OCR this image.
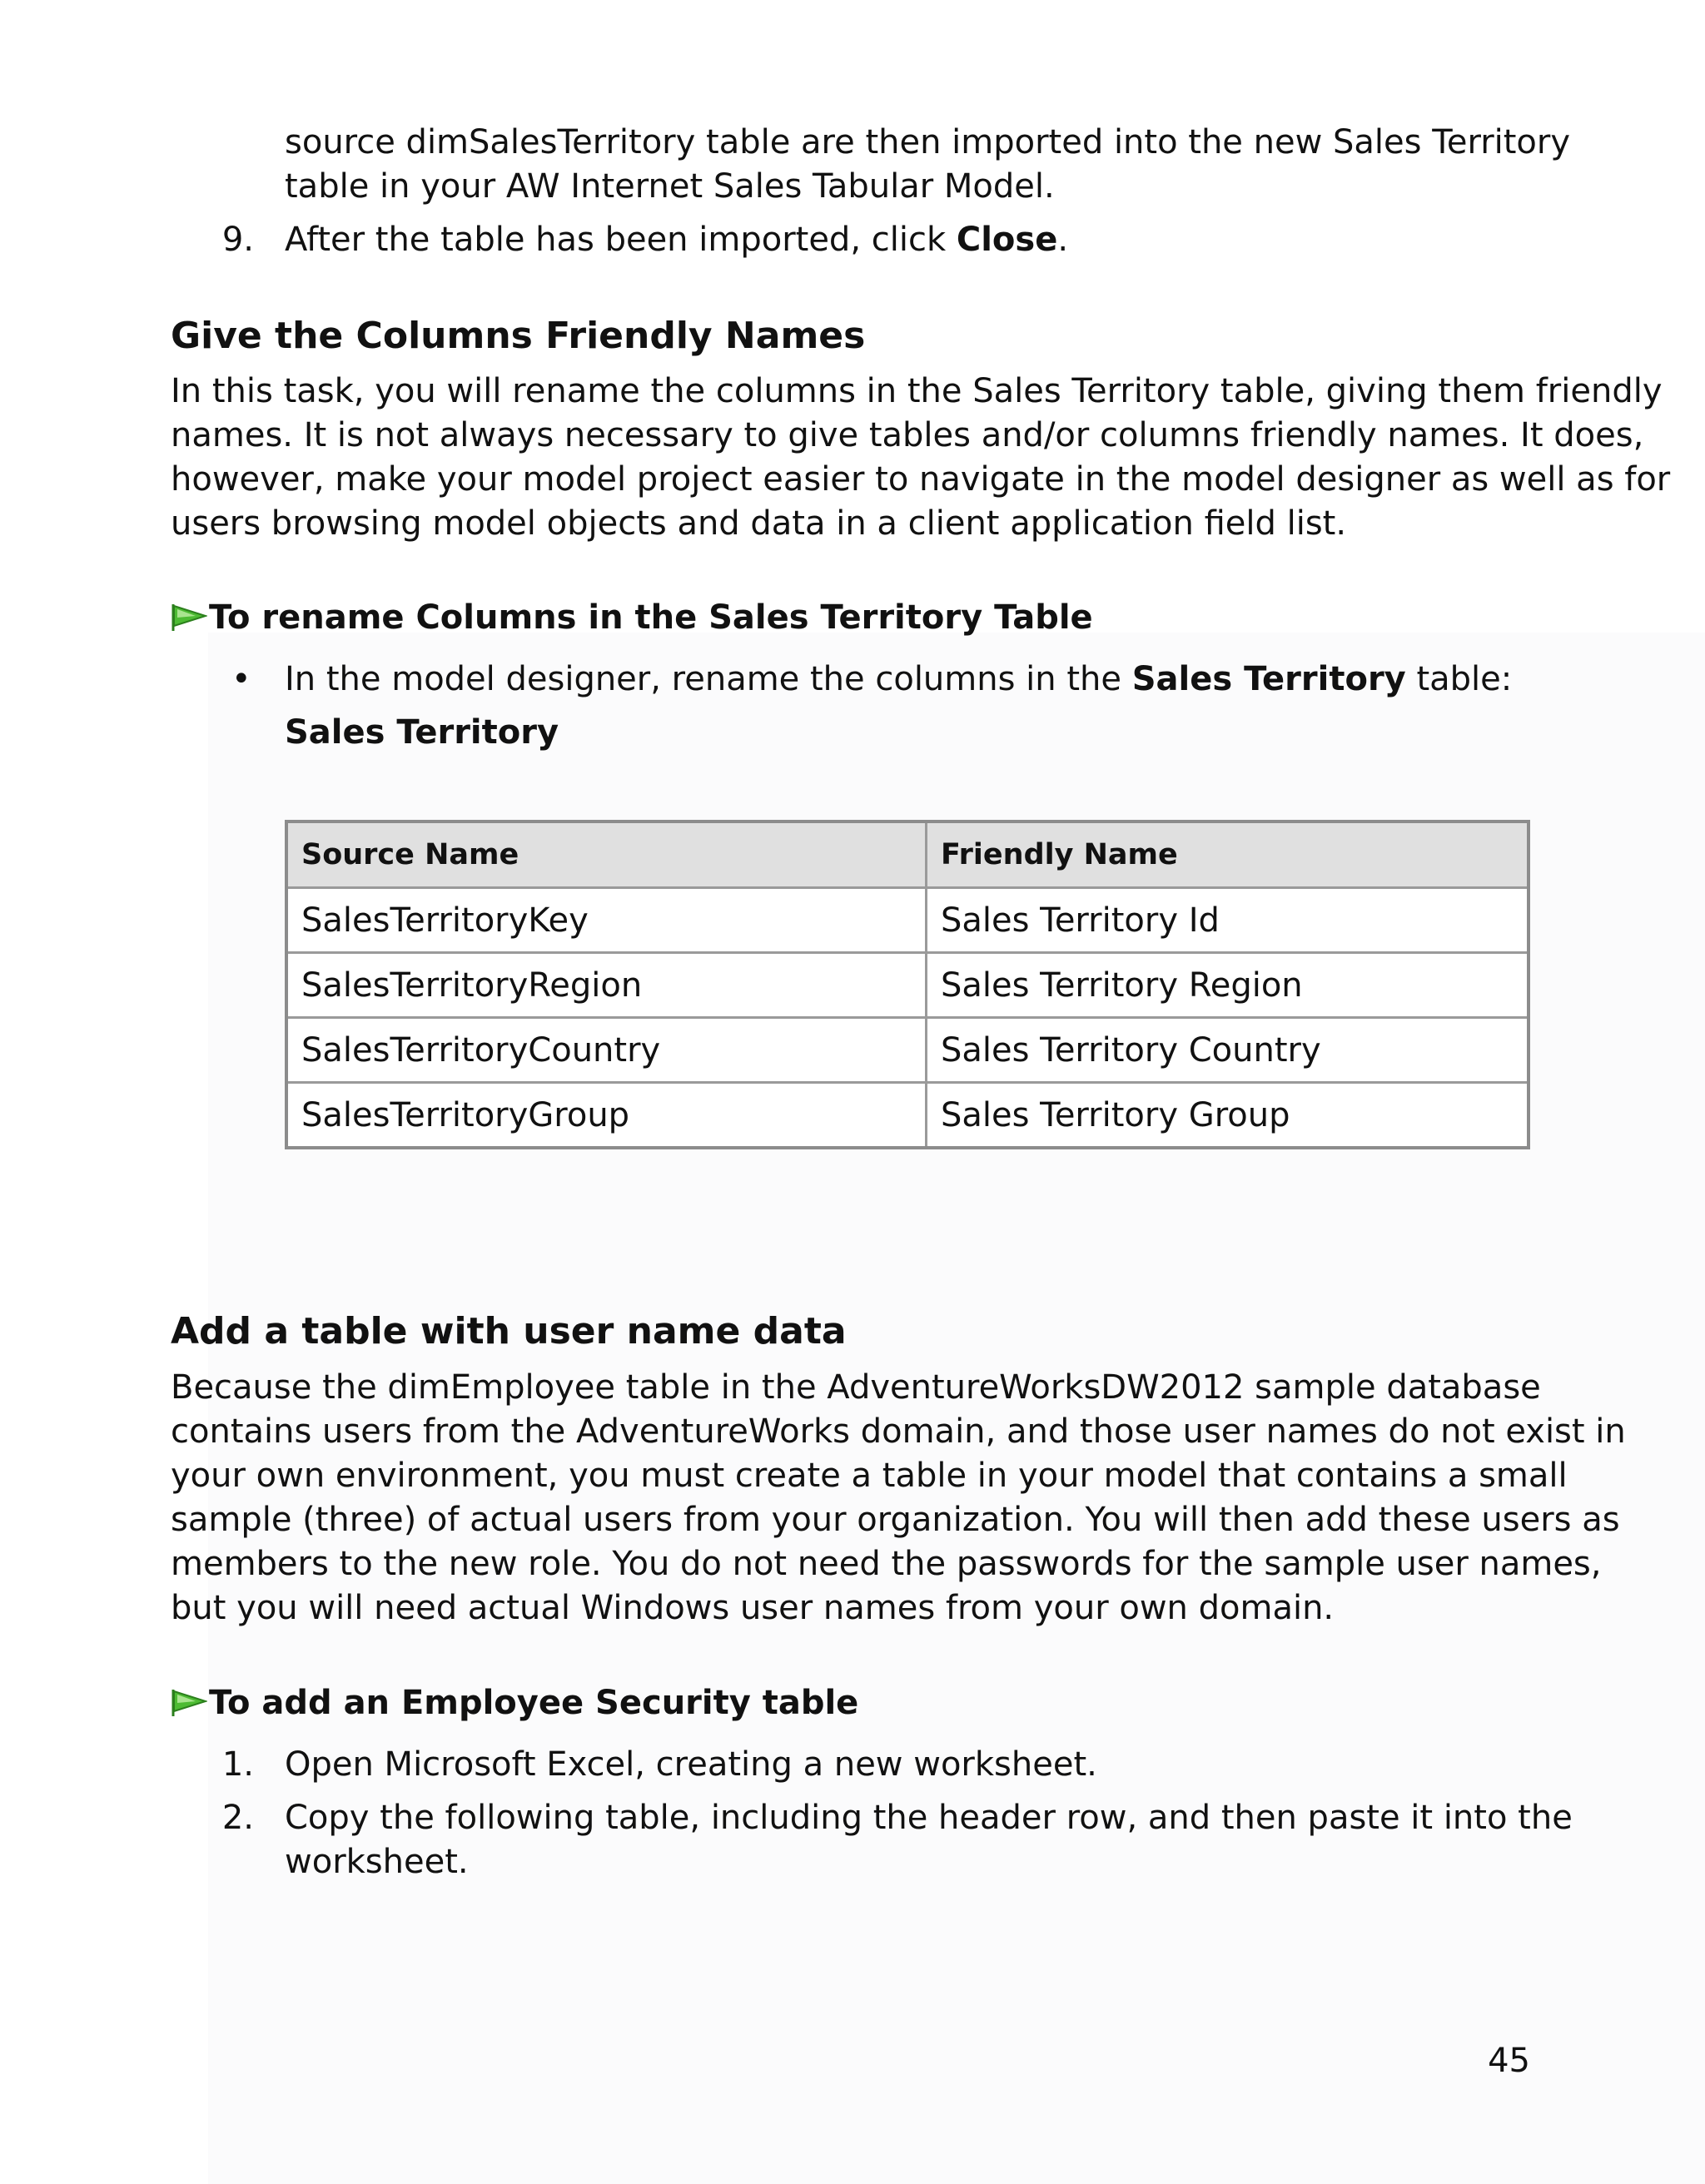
source dimSalesTerritory table are then imported into the new Sales Territory

table in your AW Internet Sales Tabular Model.

9. After the table has been imported, click Close.

Give the Columns Friendly Names

In this task, you will rename the columns in the Sales Territory table, giving them friendly

names. It is not always necessary to give tables and/or columns friendly names. It does,

however, make your model project easier to navigate in the model designer as well as for

users browsing model objects and data in a client application field list.

To rename Columns in the Sales Territory Table
• In the model designer, rename the columns in the Sales Territory table:

Sales Territory

Source Name	Friendly Name
SalesTerritoryKey	Sales Territory Id
SalesTerritoryRegion	Sales Territory Region
SalesTerritoryCountry	Sales Territory Country
SalesTerritoryGroup	Sales Territory Group
Add a table with user name data

Because the dimEmployee table in the AdventureWorksDW2012 sample database

contains users from the AdventureWorks domain, and those user names do not exist in

your own environment, you must create a table in your model that contains a small

sample (three) of actual users from your organization. You will then add these users as

members to the new role. You do not need the passwords for the sample user names,

but you will need actual Windows user names from your own domain.

To add an Employee Security table
1. Open Microsoft Excel, creating a new worksheet.

2. Copy the following table, including the header row, and then paste it into the

worksheet.

45
